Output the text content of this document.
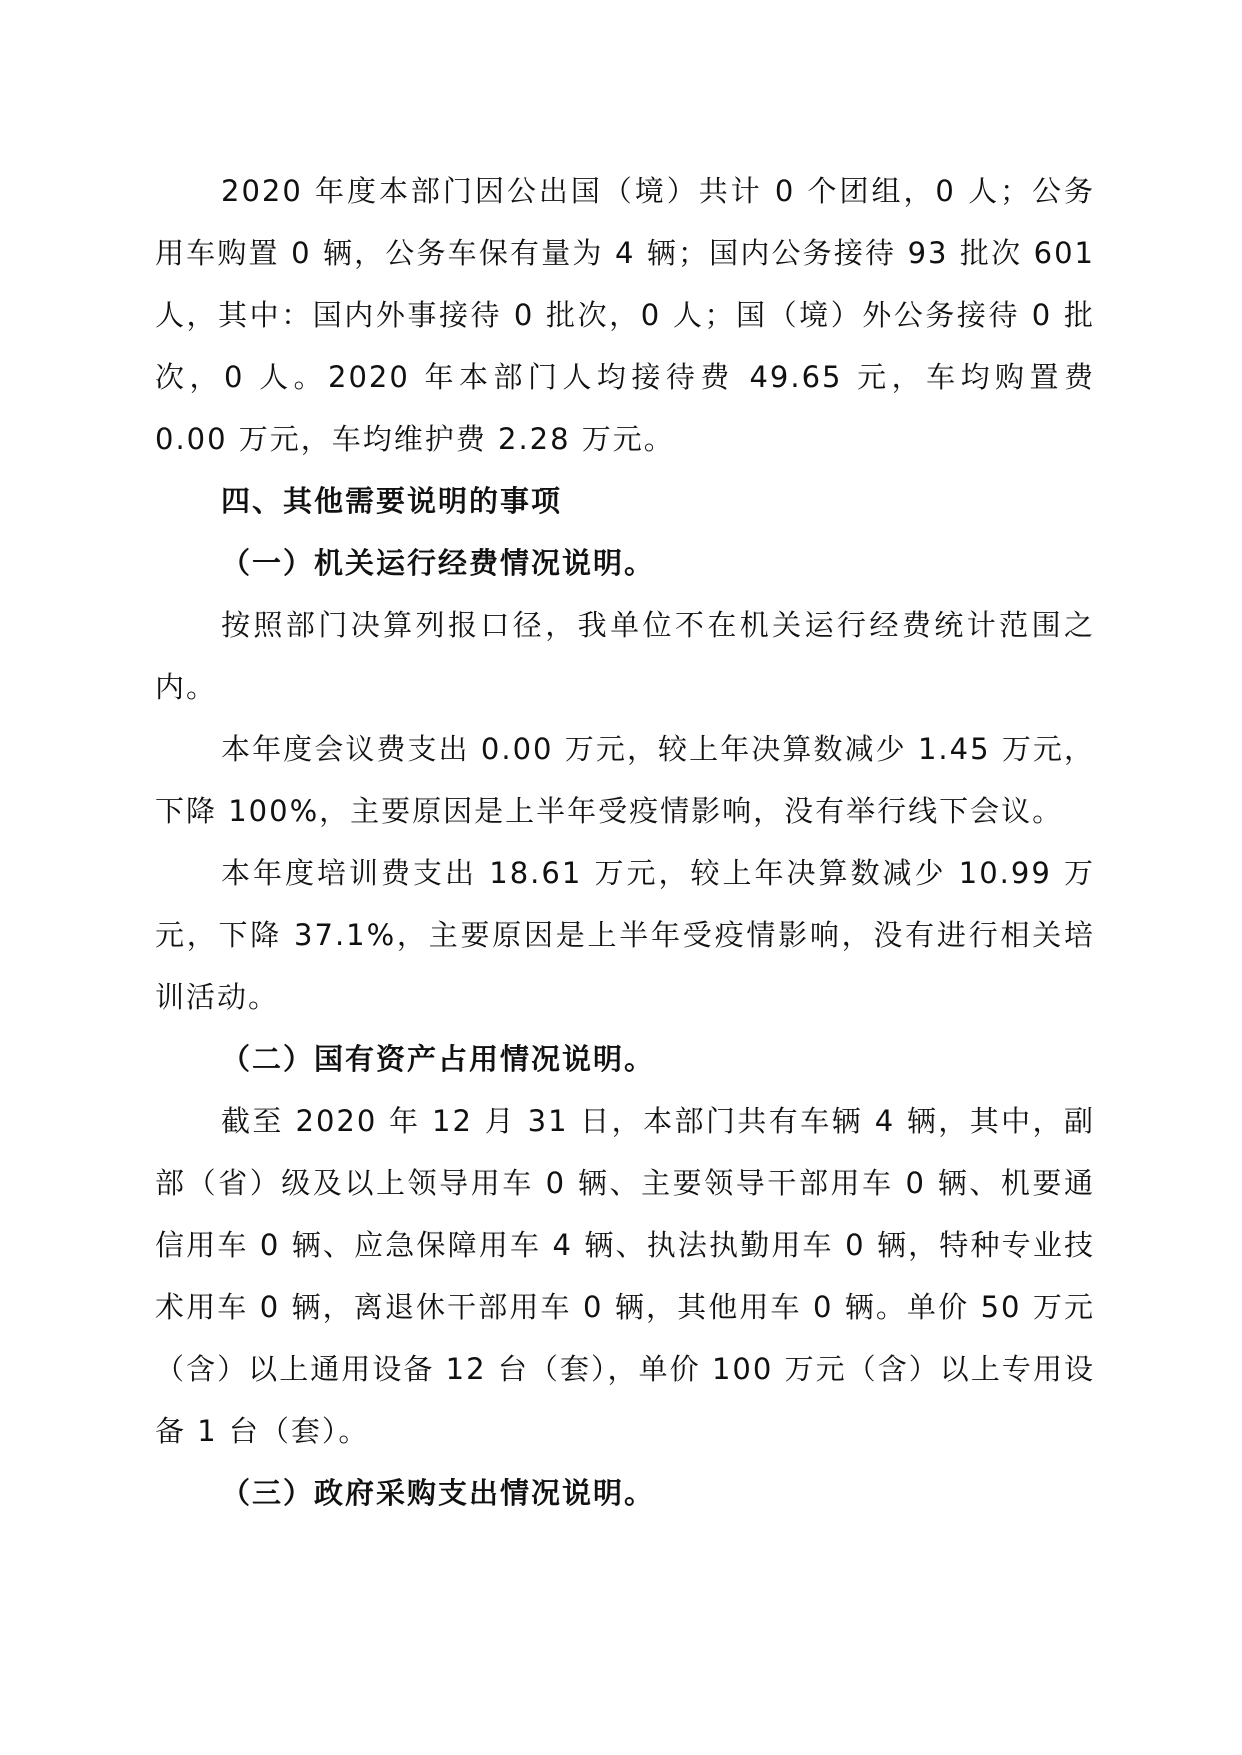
2020 年度本部门因公出国（境）共计 0 个团组，0 人；公务用车购置 0 辆，公务车保有量为 4 辆；国内公务接待 93 批次 601 人，其中：国内外事接待 0 批次，0 人；国（境）外公务接待 0 批次，0 人。2020 年本部门人均接待费 49.65 元，车均购置费 0.00 万元，车均维护费 2.28 万元。

四、其他需要说明的事项

（一）机关运行经费情况说明。

按照部门决算列报口径，我单位不在机关运行经费统计范围之内。

本年度会议费支出 0.00 万元，较上年决算数减少 1.45 万元，下降 100%，主要原因是上半年受疫情影响，没有举行线下会议。

本年度培训费支出 18.61 万元，较上年决算数减少 10.99 万元，下降 37.1%，主要原因是上半年受疫情影响，没有进行相关培训活动。

（二）国有资产占用情况说明。

截至 2020 年 12 月 31 日，本部门共有车辆 4 辆，其中，副部（省）级及以上领导用车 0 辆、主要领导干部用车 0 辆、机要通信用车 0 辆、应急保障用车 4 辆、执法执勤用车 0 辆，特种专业技术用车 0 辆，离退休干部用车 0 辆，其他用车 0 辆。单价 50 万元（含）以上通用设备 12 台（套），单价 100 万元（含）以上专用设备 1 台（套）。

（三）政府采购支出情况说明。
